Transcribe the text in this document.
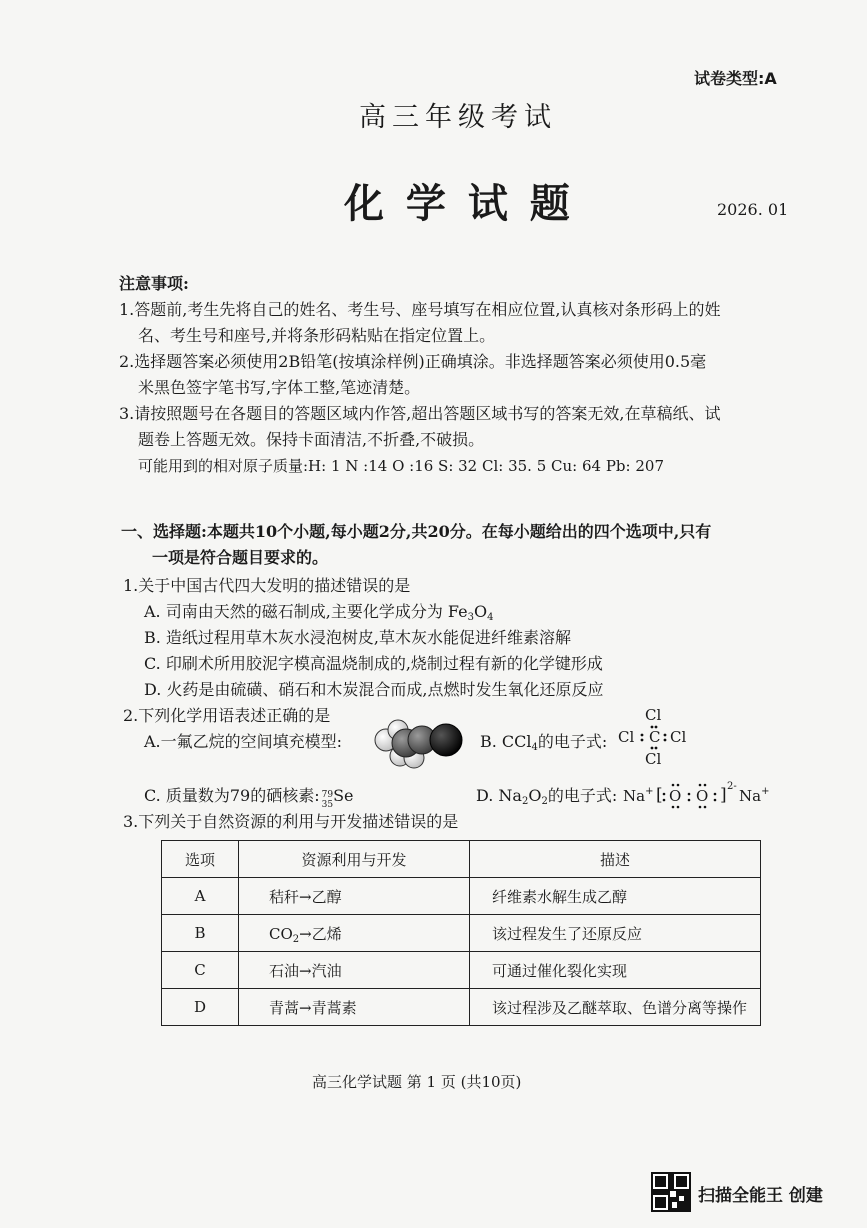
试卷类型:A
高三年级考试
化 学 试 题	2026. 01
注意事项:
1.答题前,考生先将自己的姓名、考生号、座号填写在相应位置,认真核对条形码上的姓
名、考生号和座号,并将条形码粘贴在指定位置上。
2.选择题答案必须使用2B铅笔(按填涂样例)正确填涂。非选择题答案必须使用0.5毫
米黑色签字笔书写,字体工整,笔迹清楚。
3.请按照题号在各题目的答题区域内作答,超出答题区域书写的答案无效,在草稿纸、试
题卷上答题无效。保持卡面清洁,不折叠,不破损。
可能用到的相对原子质量:H: 1 N :14 O :16 S: 32 Cl: 35. 5 Cu: 64 Pb: 207
一、选择题:本题共10个小题,每小题2分,共20分。在每小题给出的四个选项中,只有
一项是符合题目要求的。
1.关于中国古代四大发明的描述错误的是
A. 司南由天然的磁石制成,主要化学成分为 $Fe_3O_4$
B. 造纸过程用草木灰水浸泡树皮,草木灰水能促进纤维素溶解
C. 印刷术所用胶泥字模高温烧制成的,烧制过程有新的化学键形成
D. 火药是由硫磺、硝石和木炭混合而成,点燃时发生氧化还原反应
2.下列化学用语表述正确的是
A.一氟乙烷的空间填充模型:	B. CCl$_4$的电子式:
Cl
Cl C Cl
Cl
C. 质量数为79的硒核素: 79
35 Se	D. $Na_2O_2$的电子式: Na+ [ O O ] 2-
Na+
3.下列关于自然资源的利用与开发描述错误的是
选项	资源利用与开发	描述
A	秸秆→乙醇	纤维素水解生成乙醇
B	$CO_2\to$乙烯	该过程发生了还原反应
C	石油→汽油	可通过催化裂化实现
D	青蒿→青蒿素	该过程涉及乙醚萃取、色谱分离等操作
高三化学试题 第 1 页 (共10页)
扫描全能王 创建
